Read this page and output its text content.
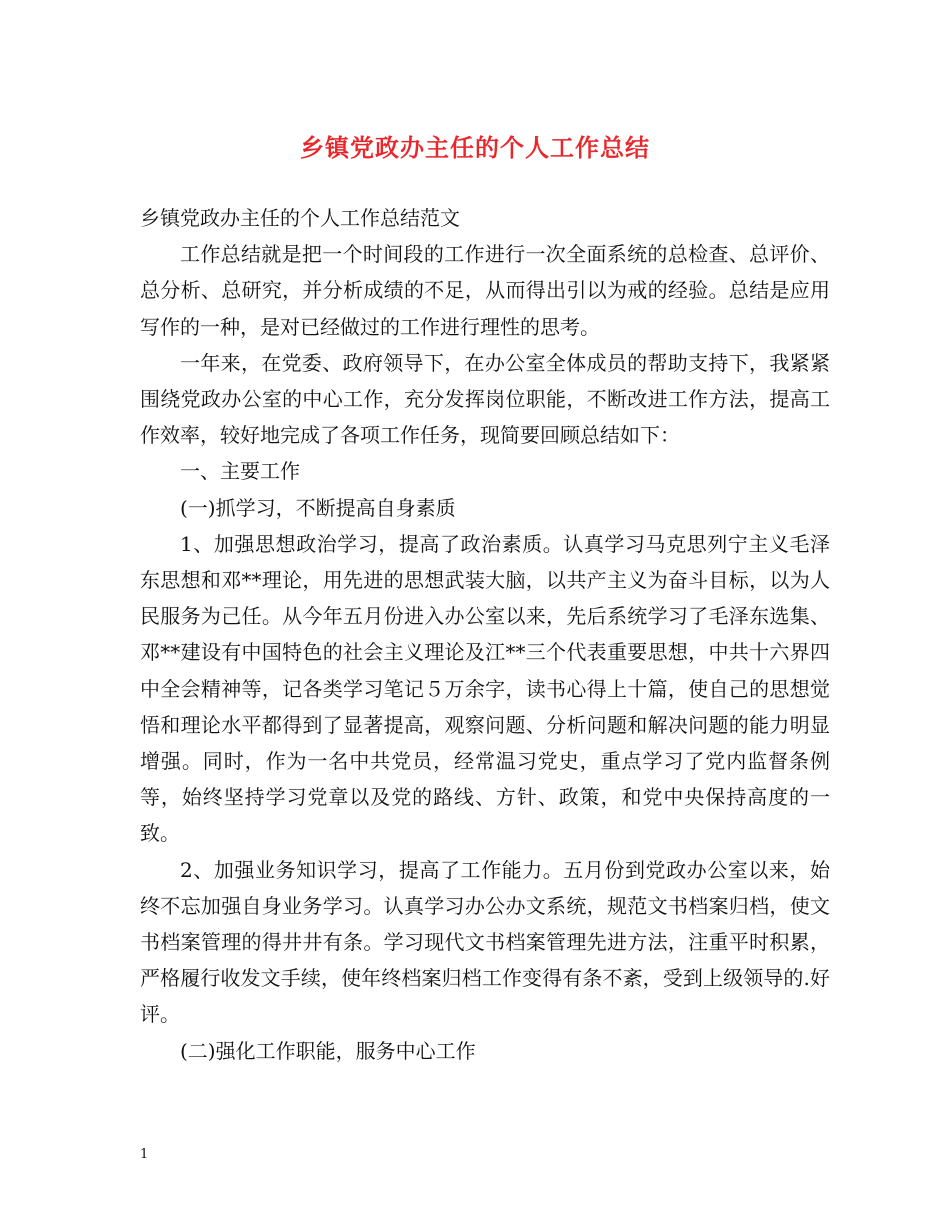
乡镇党政办主任的个人工作总结

乡镇党政办主任的个人工作总结范文

工作总结就是把一个时间段的工作进行一次全面系统的总检查、总评价、总分析、总研究，并分析成绩的不足，从而得出引以为戒的经验。总结是应用写作的一种，是对已经做过的工作进行理性的思考。

一年来，在党委、政府领导下，在办公室全体成员的帮助支持下，我紧紧围绕党政办公室的中心工作，充分发挥岗位职能，不断改进工作方法，提高工作效率，较好地完成了各项工作任务，现简要回顾总结如下：

一、主要工作

(一)抓学习，不断提高自身素质

1、加强思想政治学习，提高了政治素质。认真学习马克思列宁主义毛泽东思想和邓**理论，用先进的思想武装大脑，以共产主义为奋斗目标，以为人民服务为己任。从今年五月份进入办公室以来，先后系统学习了毛泽东选集、邓**建设有中国特色的社会主义理论及江**三个代表重要思想，中共十六界四中全会精神等，记各类学习笔记５万余字，读书心得上十篇，使自己的思想觉悟和理论水平都得到了显著提高，观察问题、分析问题和解决问题的能力明显增强。同时，作为一名中共党员，经常温习党史，重点学习了党内监督条例等，始终坚持学习党章以及党的路线、方针、政策，和党中央保持高度的一致。

2、加强业务知识学习，提高了工作能力。五月份到党政办公室以来，始终不忘加强自身业务学习。认真学习办公办文系统，规范文书档案归档，使文书档案管理的得井井有条。学习现代文书档案管理先进方法，注重平时积累，严格履行收发文手续，使年终档案归档工作变得有条不紊，受到上级领导的.好评。

(二)强化工作职能，服务中心工作

1
